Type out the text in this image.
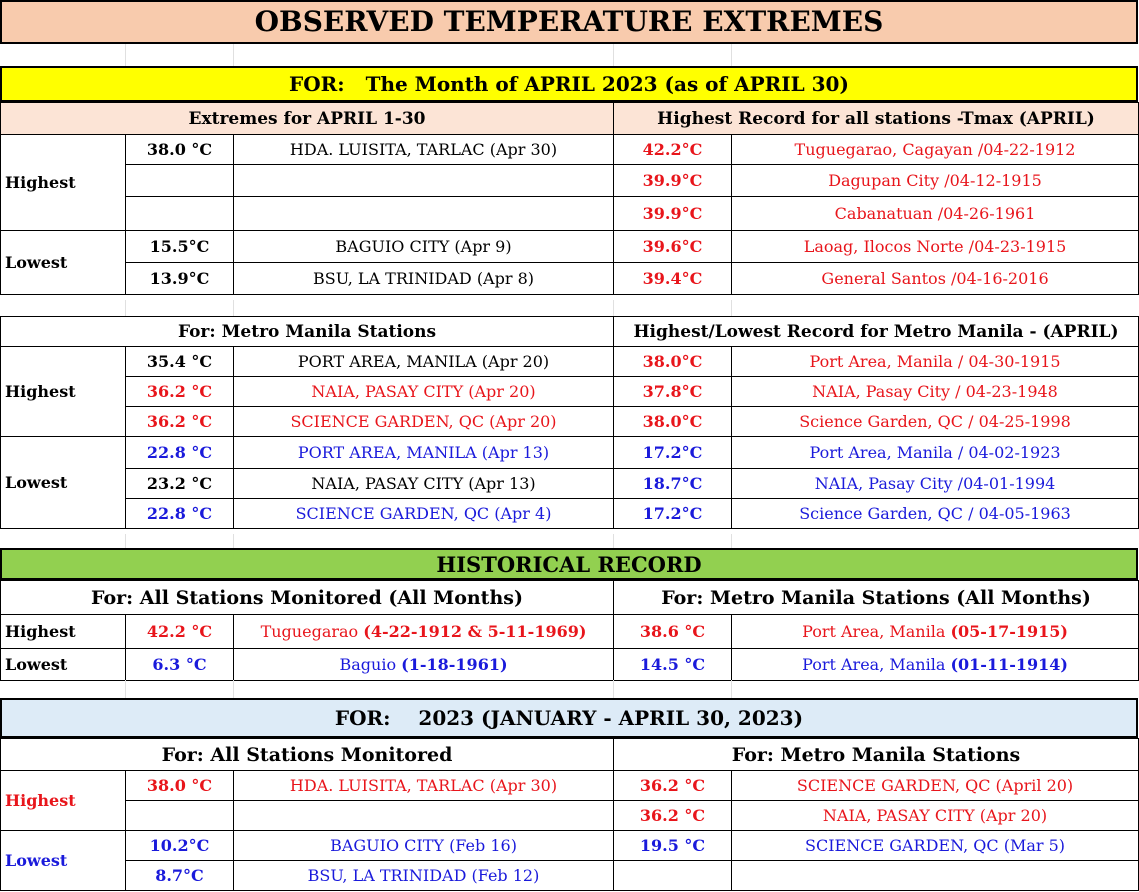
OBSERVED TEMPERATURE EXTREMES
FOR: The Month of APRIL 2023 (as of APRIL 30)
Extremes for APRIL 1-30			Highest Record for all stations -Tmax (APRIL)	
Highest	38.0 °C	HDA. LUISITA, TARLAC (Apr 30)	42.2°C	Tuguegarao, Cagayan /04-22-1912
			39.9°C	Dagupan City /04-12-1915
			39.9°C	Cabanatuan /04-26-1961
Lowest	15.5°C	BAGUIO CITY (Apr 9)	39.6°C	Laoag, Ilocos Norte /04-23-1915
	13.9°C	BSU, LA TRINIDAD (Apr 8)	39.4°C	General Santos /04-16-2016
For: Metro Manila Stations			Highest/Lowest Record for Metro Manila - (APRIL)	
Highest	35.4 °C	PORT AREA, MANILA (Apr 20)	38.0°C	Port Area, Manila / 04-30-1915
	36.2 °C	NAIA, PASAY CITY (Apr 20)	37.8°C	NAIA, Pasay City / 04-23-1948
	36.2 °C	SCIENCE GARDEN, QC (Apr 20)	38.0°C	Science Garden, QC / 04-25-1998
Lowest	22.8 °C	PORT AREA, MANILA (Apr 13)	17.2°C	Port Area, Manila / 04-02-1923
	23.2 °C	NAIA, PASAY CITY (Apr 13)	18.7°C	NAIA, Pasay City /04-01-1994
	22.8 °C	SCIENCE GARDEN, QC (Apr 4)	17.2°C	Science Garden, QC / 04-05-1963
HISTORICAL RECORD
For: All Stations Monitored (All Months)			For: Metro Manila Stations (All Months)	
Highest	42.2 °C	Tuguegarao (4-22-1912 & 5-11-1969)	38.6 °C	Port Area, Manila (05-17-1915)
Lowest	6.3 °C	Baguio (1-18-1961)	14.5 °C	Port Area, Manila (01-11-1914)
FOR: 2023 (JANUARY - APRIL 30, 2023)
For: All Stations Monitored			For: Metro Manila Stations	
Highest	38.0 °C	HDA. LUISITA, TARLAC (Apr 30)	36.2 °C	SCIENCE GARDEN, QC (April 20)
			36.2 °C	NAIA, PASAY CITY (Apr 20)
Lowest	10.2°C	BAGUIO CITY (Feb 16)	19.5 °C	SCIENCE GARDEN, QC (Mar 5)
	8.7°C	BSU, LA TRINIDAD (Feb 12)		
